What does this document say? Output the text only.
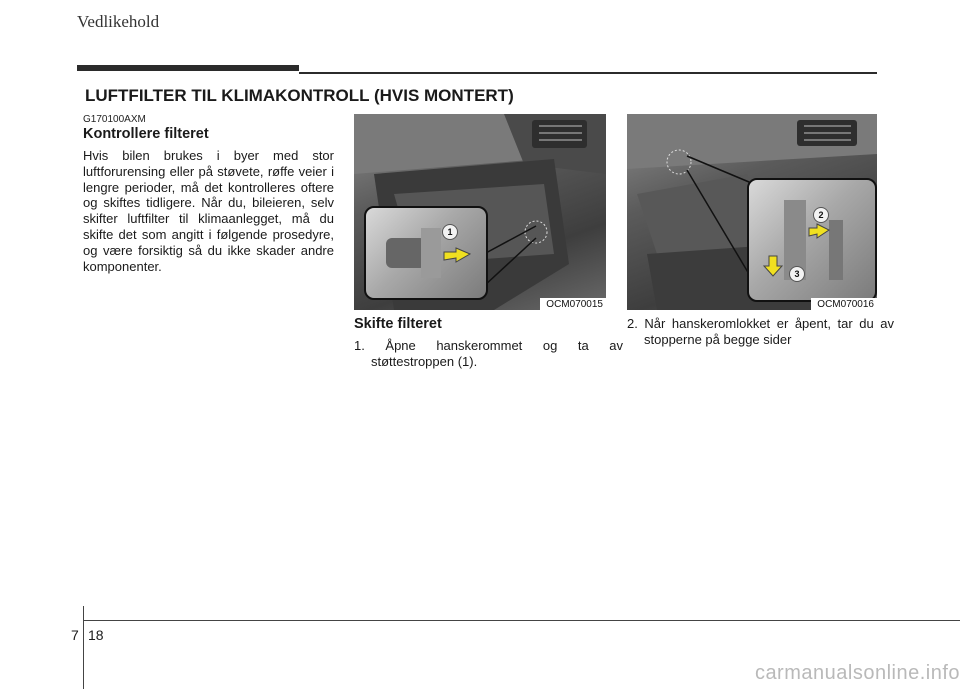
Vedlikehold
LUFTFILTER TIL KLIMAKONTROLL (HVIS MONTERT)
G170100AXM
Kontrollere filteret
Hvis bilen brukes i byer med stor luftforurensing eller på støvete, røffe veier i lengre perioder, må det kontrolleres oftere og skiftes tidligere. Når du, bileieren, selv skifter luftfilter til klimaanlegget, må du skifte det som angitt i følgende prosedyre, og være forsiktig så du ikke skader andre komponenter.
1
OCM070015
2
3
OCM070016
Skifte filteret
1. Åpne hanskerommet og ta av støttestroppen (1).
2. Når hanskeromlokket er åpent, tar du av stopperne på begge sider
7 18
carmanualsonline.info
